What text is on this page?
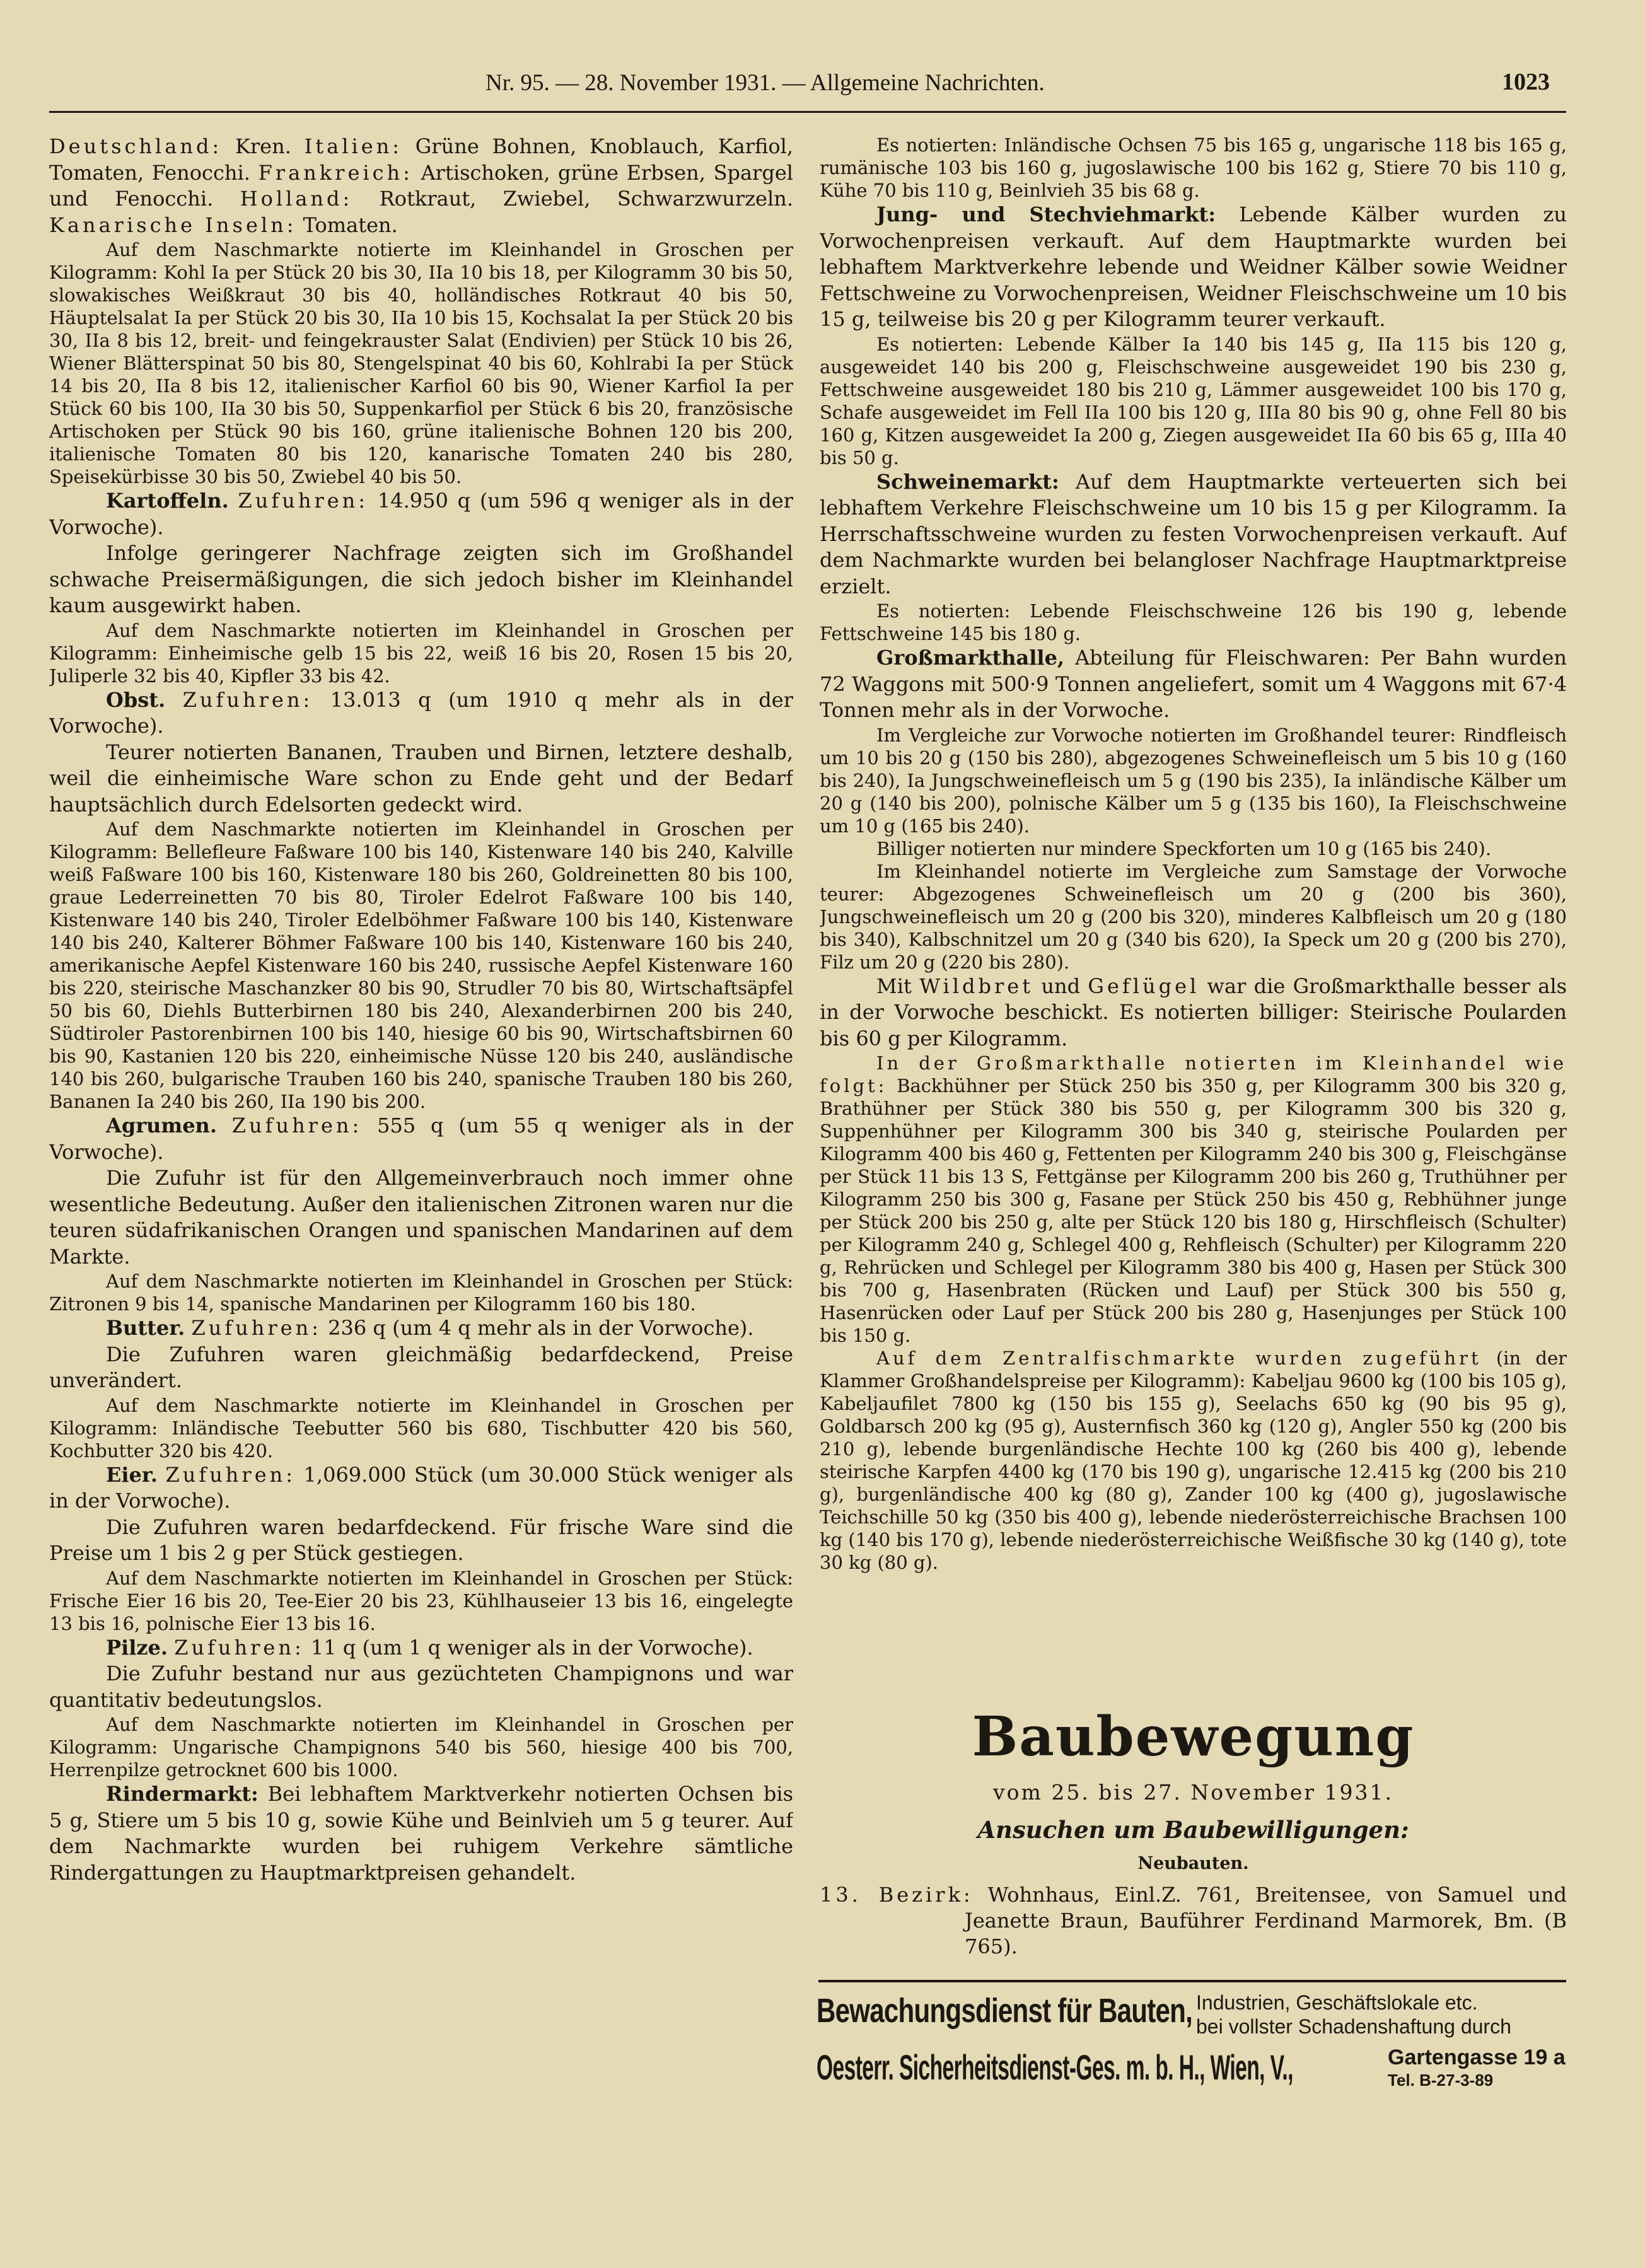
Nr. 95. — 28. November 1931. — Allgemeine Nachrichten.	1023

Deutschland: Kren. Italien: Grüne Bohnen, Knoblauch, Karfiol, Tomaten, Fenocchi. Frankreich: Artischoken, grüne Erbsen, Spargel und Fenocchi. Holland: Rotkraut, Zwiebel, Schwarzwurzeln. Kanarische Inseln: Tomaten.

Auf dem Naschmarkte notierte im Kleinhandel in Groschen per Kilogramm: Kohl Ia per Stück 20 bis 30, IIa 10 bis 18, per Kilogramm 30 bis 50, slowakisches Weißkraut 30 bis 40, holländisches Rotkraut 40 bis 50, Häuptelsalat Ia per Stück 20 bis 30, IIa 10 bis 15, Kochsalat Ia per Stück 20 bis 30, IIa 8 bis 12, breit- und feingekrauster Salat (Endivien) per Stück 10 bis 26, Wiener Blätterspinat 50 bis 80, Stengelspinat 40 bis 60, Kohlrabi Ia per Stück 14 bis 20, IIa 8 bis 12, italienischer Karfiol 60 bis 90, Wiener Karfiol Ia per Stück 60 bis 100, IIa 30 bis 50, Suppenkarfiol per Stück 6 bis 20, französische Artischoken per Stück 90 bis 160, grüne italienische Bohnen 120 bis 200, italienische Tomaten 80 bis 120, kanarische Tomaten 240 bis 280, Speisekürbisse 30 bis 50, Zwiebel 40 bis 50.

Kartoffeln. Zufuhren: 14.950 q (um 596 q weniger als in der Vorwoche).

Infolge geringerer Nachfrage zeigten sich im Großhandel schwache Preisermäßigungen, die sich jedoch bisher im Kleinhandel kaum ausgewirkt haben.

Auf dem Naschmarkte notierten im Kleinhandel in Groschen per Kilogramm: Einheimische gelb 15 bis 22, weiß 16 bis 20, Rosen 15 bis 20, Juliperle 32 bis 40, Kipfler 33 bis 42.

Obst. Zufuhren: 13.013 q (um 1910 q mehr als in der Vorwoche).

Teurer notierten Bananen, Trauben und Birnen, letztere deshalb, weil die einheimische Ware schon zu Ende geht und der Bedarf hauptsächlich durch Edelsorten gedeckt wird.

Auf dem Naschmarkte notierten im Kleinhandel in Groschen per Kilogramm: Bellefleure Faßware 100 bis 140, Kistenware 140 bis 240, Kalville weiß Faßware 100 bis 160, Kistenware 180 bis 260, Goldreinetten 80 bis 100, graue Lederreinetten 70 bis 80, Tiroler Edelrot Faßware 100 bis 140, Kistenware 140 bis 240, Tiroler Edelböhmer Faßware 100 bis 140, Kistenware 140 bis 240, Kalterer Böhmer Faßware 100 bis 140, Kistenware 160 bis 240, amerikanische Aepfel Kistenware 160 bis 240, russische Aepfel Kistenware 160 bis 220, steirische Maschanzker 80 bis 90, Strudler 70 bis 80, Wirtschaftsäpfel 50 bis 60, Diehls Butterbirnen 180 bis 240, Alexanderbirnen 200 bis 240, Südtiroler Pastorenbirnen 100 bis 140, hiesige 60 bis 90, Wirtschaftsbirnen 60 bis 90, Kastanien 120 bis 220, einheimische Nüsse 120 bis 240, ausländische 140 bis 260, bulgarische Trauben 160 bis 240, spanische Trauben 180 bis 260, Bananen Ia 240 bis 260, IIa 190 bis 200.

Agrumen. Zufuhren: 555 q (um 55 q weniger als in der Vorwoche).

Die Zufuhr ist für den Allgemeinverbrauch noch immer ohne wesentliche Bedeutung. Außer den italienischen Zitronen waren nur die teuren südafrikanischen Orangen und spanischen Mandarinen auf dem Markte.

Auf dem Naschmarkte notierten im Kleinhandel in Groschen per Stück: Zitronen 9 bis 14, spanische Mandarinen per Kilogramm 160 bis 180.

Butter. Zufuhren: 236 q (um 4 q mehr als in der Vorwoche).

Die Zufuhren waren gleichmäßig bedarfdeckend, Preise unverändert.

Auf dem Naschmarkte notierte im Kleinhandel in Groschen per Kilogramm: Inländische Teebutter 560 bis 680, Tischbutter 420 bis 560, Kochbutter 320 bis 420.

Eier. Zufuhren: 1,069.000 Stück (um 30.000 Stück weniger als in der Vorwoche).

Die Zufuhren waren bedarfdeckend. Für frische Ware sind die Preise um 1 bis 2 g per Stück gestiegen.

Auf dem Naschmarkte notierten im Kleinhandel in Groschen per Stück: Frische Eier 16 bis 20, Tee-Eier 20 bis 23, Kühlhauseier 13 bis 16, eingelegte 13 bis 16, polnische Eier 13 bis 16.

Pilze. Zufuhren: 11 q (um 1 q weniger als in der Vorwoche).

Die Zufuhr bestand nur aus gezüchteten Champignons und war quantitativ bedeutungslos.

Auf dem Naschmarkte notierten im Kleinhandel in Groschen per Kilogramm: Ungarische Champignons 540 bis 560, hiesige 400 bis 700, Herrenpilze getrocknet 600 bis 1000.

Rindermarkt: Bei lebhaftem Marktverkehr notierten Ochsen bis 5 g, Stiere um 5 bis 10 g, sowie Kühe und Beinlvieh um 5 g teurer. Auf dem Nachmarkte wurden bei ruhigem Verkehre sämtliche Rindergattungen zu Hauptmarktpreisen gehandelt.

Es notierten: Inländische Ochsen 75 bis 165 g, ungarische 118 bis 165 g, rumänische 103 bis 160 g, jugoslawische 100 bis 162 g, Stiere 70 bis 110 g, Kühe 70 bis 110 g, Beinlvieh 35 bis 68 g.

Jung- und Stechviehmarkt: Lebende Kälber wurden zu Vorwochenpreisen verkauft. Auf dem Hauptmarkte wurden bei lebhaftem Marktverkehre lebende und Weidner Kälber sowie Weidner Fettschweine zu Vorwochenpreisen, Weidner Fleischschweine um 10 bis 15 g, teilweise bis 20 g per Kilogramm teurer verkauft.

Es notierten: Lebende Kälber Ia 140 bis 145 g, IIa 115 bis 120 g, ausgeweidet 140 bis 200 g, Fleischschweine ausgeweidet 190 bis 230 g, Fettschweine ausgeweidet 180 bis 210 g, Lämmer ausgeweidet 100 bis 170 g, Schafe ausgeweidet im Fell IIa 100 bis 120 g, IIIa 80 bis 90 g, ohne Fell 80 bis 160 g, Kitzen ausgeweidet Ia 200 g, Ziegen ausgeweidet IIa 60 bis 65 g, IIIa 40 bis 50 g.

Schweinemarkt: Auf dem Hauptmarkte verteuerten sich bei lebhaftem Verkehre Fleischschweine um 10 bis 15 g per Kilogramm. Ia Herrschaftsschweine wurden zu festen Vorwochenpreisen verkauft. Auf dem Nachmarkte wurden bei belangloser Nachfrage Hauptmarktpreise erzielt.

Es notierten: Lebende Fleischschweine 126 bis 190 g, lebende Fettschweine 145 bis 180 g.

Großmarkthalle, Abteilung für Fleischwaren: Per Bahn wurden 72 Waggons mit 500·9 Tonnen angeliefert, somit um 4 Waggons mit 67·4 Tonnen mehr als in der Vorwoche.

Im Vergleiche zur Vorwoche notierten im Großhandel teurer: Rindfleisch um 10 bis 20 g (150 bis 280), abgezogenes Schweinefleisch um 5 bis 10 g (160 bis 240), Ia Jungschweinefleisch um 5 g (190 bis 235), Ia inländische Kälber um 20 g (140 bis 200), polnische Kälber um 5 g (135 bis 160), Ia Fleischschweine um 10 g (165 bis 240).

Billiger notierten nur mindere Speckforten um 10 g (165 bis 240).

Im Kleinhandel notierte im Vergleiche zum Samstage der Vorwoche teurer: Abgezogenes Schweinefleisch um 20 g (200 bis 360), Jungschweinefleisch um 20 g (200 bis 320), minderes Kalbfleisch um 20 g (180 bis 340), Kalbschnitzel um 20 g (340 bis 620), Ia Speck um 20 g (200 bis 270), Filz um 20 g (220 bis 280).

Mit Wildbret und Geflügel war die Großmarkthalle besser als in der Vorwoche beschickt. Es notierten billiger: Steirische Poularden bis 60 g per Kilogramm.

In der Großmarkthalle notierten im Kleinhandel wie folgt: Backhühner per Stück 250 bis 350 g, per Kilogramm 300 bis 320 g, Brathühner per Stück 380 bis 550 g, per Kilogramm 300 bis 320 g, Suppenhühner per Kilogramm 300 bis 340 g, steirische Poularden per Kilogramm 400 bis 460 g, Fettenten per Kilogramm 240 bis 300 g, Fleischgänse per Stück 11 bis 13 S, Fettgänse per Kilogramm 200 bis 260 g, Truthühner per Kilogramm 250 bis 300 g, Fasane per Stück 250 bis 450 g, Rebhühner junge per Stück 200 bis 250 g, alte per Stück 120 bis 180 g, Hirschfleisch (Schulter) per Kilogramm 240 g, Schlegel 400 g, Rehfleisch (Schulter) per Kilogramm 220 g, Rehrücken und Schlegel per Kilogramm 380 bis 400 g, Hasen per Stück 300 bis 700 g, Hasenbraten (Rücken und Lauf) per Stück 300 bis 550 g, Hasenrücken oder Lauf per Stück 200 bis 280 g, Hasenjunges per Stück 100 bis 150 g.

Auf dem Zentralfischmarkte wurden zugeführt (in der Klammer Großhandelspreise per Kilogramm): Kabeljau 9600 kg (100 bis 105 g), Kabeljaufilet 7800 kg (150 bis 155 g), Seelachs 650 kg (90 bis 95 g), Goldbarsch 200 kg (95 g), Austernfisch 360 kg (120 g), Angler 550 kg (200 bis 210 g), lebende burgenländische Hechte 100 kg (260 bis 400 g), lebende steirische Karpfen 4400 kg (170 bis 190 g), ungarische 12.415 kg (200 bis 210 g), burgenländische 400 kg (80 g), Zander 100 kg (400 g), jugoslawische Teichschille 50 kg (350 bis 400 g), lebende niederösterreichische Brachsen 100 kg (140 bis 170 g), lebende niederösterreichische Weißfische 30 kg (140 g), tote 30 kg (80 g).

Baubewegung
vom 25. bis 27. November 1931.
Ansuchen um Baubewilligungen:
Neubauten.
13. Bezirk: Wohnhaus, Einl.Z. 761, Breitensee, von Samuel und Jeanette Braun, Bauführer Ferdinand Marmorek, Bm. (B 765).
Bewachungsdienst für Bauten, Industrien, Geschäftslokale etc.
bei vollster Schadenshaftung durch
Oesterr. Sicherheitsdienst-Ges. m. b. H., Wien, V.,	Gartengasse 19 a
Tel. B-27-3-89
